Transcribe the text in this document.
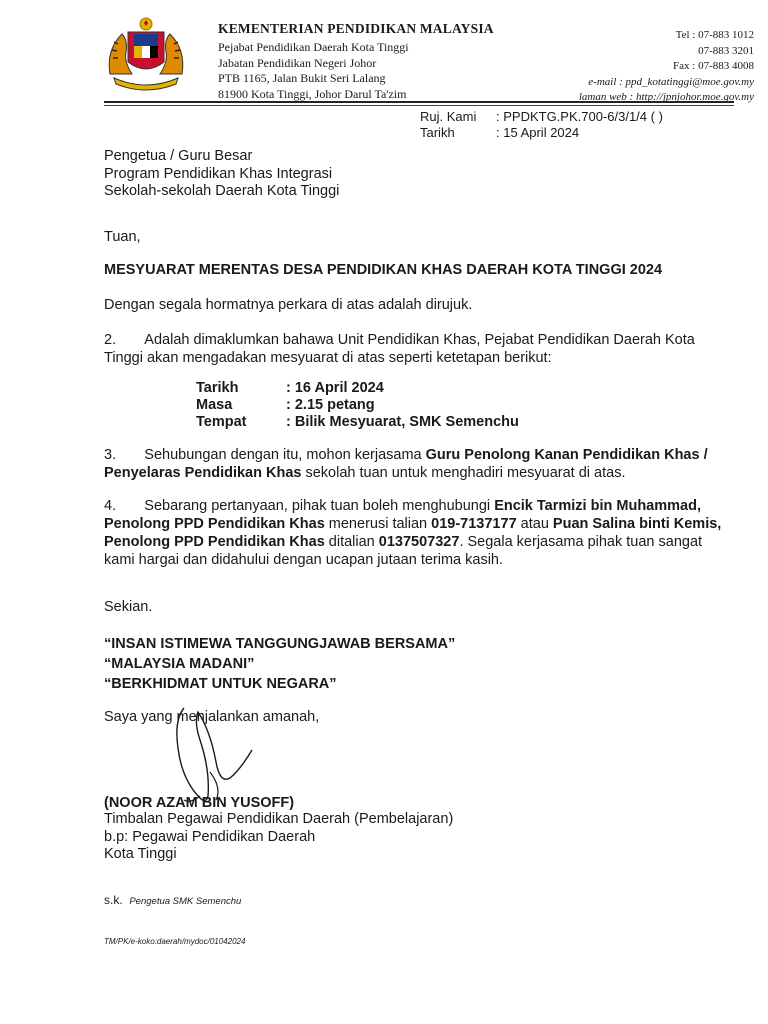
KEMENTERIAN PENDIDIKAN MALAYSIA
Pejabat Pendidikan Daerah Kota Tinggi
Jabatan Pendidikan Negeri Johor
PTB 1165, Jalan Bukit Seri Lalang
81900 Kota Tinggi, Johor Darul Ta'zim
Tel : 07-883 1012
07-883 3201
Fax : 07-883 4008
e-mail : ppd_kotatinggi@moe.gov.my
laman web : http://jpnjohor.moe.gov.my
Ruj. Kami : PPDKTG.PK.700-6/3/1/4 ( )
Tarikh	: 15 April 2024
Pengetua / Guru Besar
Program Pendidikan Khas Integrasi
Sekolah-sekolah Daerah Kota Tinggi
Tuan,
MESYUARAT MERENTAS DESA PENDIDIKAN KHAS DAERAH KOTA TINGGI 2024
Dengan segala hormatnya perkara di atas adalah dirujuk.
2. Adalah dimaklumkan bahawa Unit Pendidikan Khas, Pejabat Pendidikan Daerah Kota Tinggi akan mengadakan mesyuarat di atas seperti ketetapan berikut:
Tarikh	: 16 April 2024
Masa	: 2.15 petang
Tempat	: Bilik Mesyuarat, SMK Semenchu
3. Sehubungan dengan itu, mohon kerjasama Guru Penolong Kanan Pendidikan Khas / Penyelaras Pendidikan Khas sekolah tuan untuk menghadiri mesyuarat di atas.
4. Sebarang pertanyaan, pihak tuan boleh menghubungi Encik Tarmizi bin Muhammad, Penolong PPD Pendidikan Khas menerusi talian 019-7137177 atau Puan Salina binti Kemis, Penolong PPD Pendidikan Khas ditalian 0137507327. Segala kerjasama pihak tuan sangat kami hargai dan didahului dengan ucapan jutaan terima kasih.
Sekian.
“INSAN ISTIMEWA TANGGUNGJAWAB BERSAMA”
“MALAYSIA MADANI”
“BERKHIDMAT UNTUK NEGARA”
Saya yang menjalankan amanah,
(NOOR AZAM BIN YUSOFF)
Timbalan Pegawai Pendidikan Daerah (Pembelajaran)
b.p: Pegawai Pendidikan Daerah
Kota Tinggi
s.k. Pengetua SMK Semenchu
TM/PK/e-koko:daerah/mydoc/01042024
